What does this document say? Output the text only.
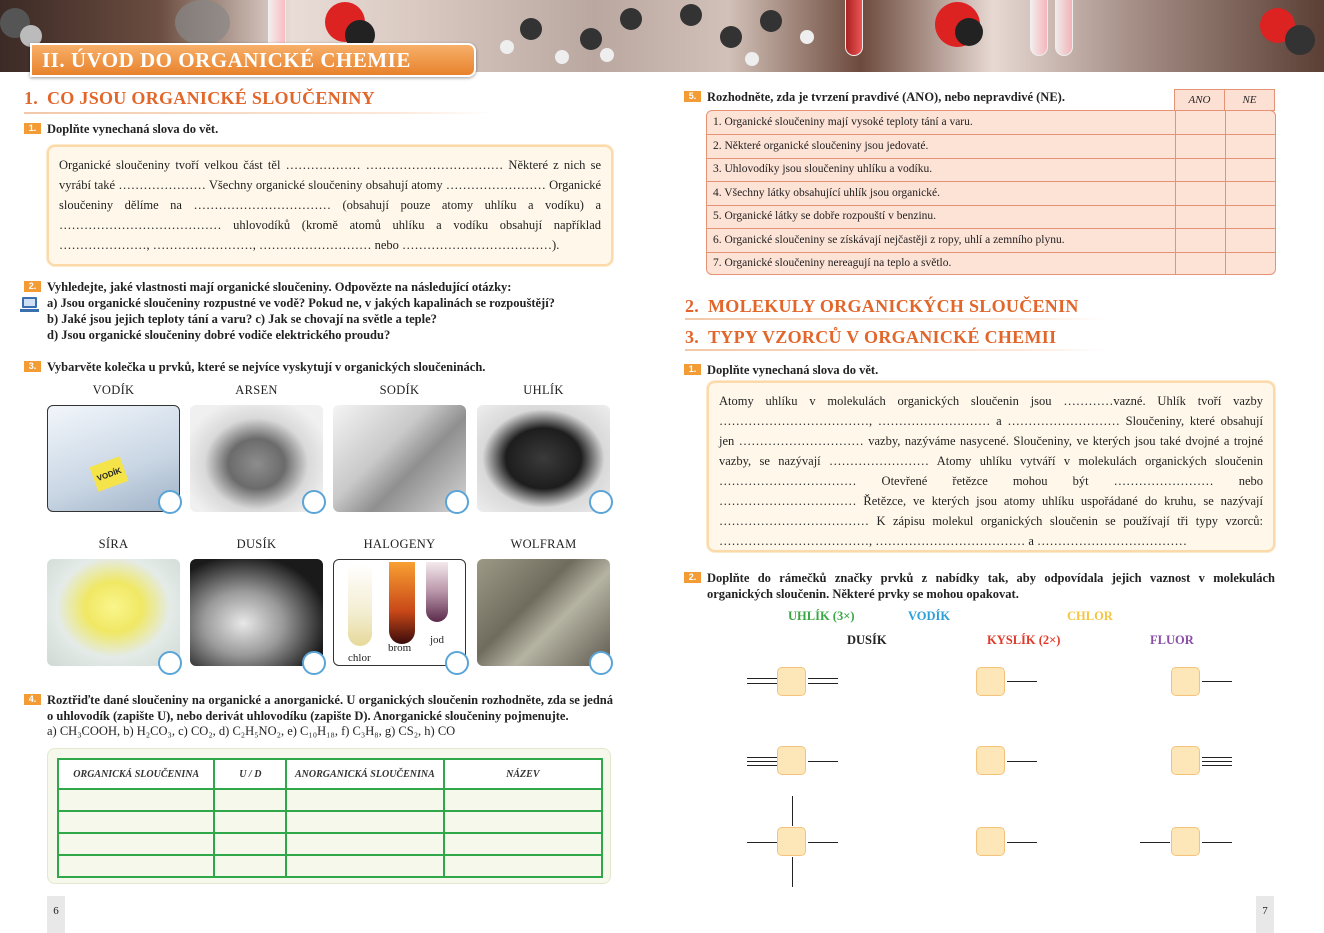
II. ÚVOD DO ORGANICKÉ CHEMIE
1. CO JSOU ORGANICKÉ SLOUČENINY
1. Doplňte vynechaná slova do vět.
Organické sloučeniny tvoří velkou část těl ……………… …………………………… Některé z nich se vyrábí také ………………… Všechny organické sloučeniny obsahují atomy …………………… Organické sloučeniny dělíme na …………………………… (obsahují pouze atomy uhlíku a vodíku) a ………………………………… uhlovodíků (kromě atomů uhlíku a vodíku obsahují například …………………, ……………………, ……………………… nebo ………………………………).
2. Vyhledejte, jaké vlastnosti mají organické sloučeniny. Odpovězte na následující otázky:
a) Jsou organické sloučeniny rozpustné ve vodě? Pokud ne, v jakých kapalinách se rozpouštějí?
b) Jaké jsou jejich teploty tání a varu? c) Jak se chovají na světle a teple?
d) Jsou organické sloučeniny dobré vodiče elektrického proudu?
3. Vybarvěte kolečka u prvků, které se nejvíce vyskytují v organických sloučeninách.
VODÍK	ARSEN	SODÍK	UHLÍK
VODÍK
SÍRA	DUSÍK	HALOGENY	WOLFRAM
chlor
brom
jod
4. Roztřiďte dané sloučeniny na organické a anorganické. U organických sloučenin rozhodněte, zda se jedná o uhlovodík (zapište U), nebo derivát uhlovodíku (zapište D). Anorganické sloučeniny pojmenujte.
a) CH₃COOH, b) H₂CO₃, c) CO₂, d) C₂H₅NO₂, e) C₁₀H₁₈, f) C₃H₈, g) CS₂, h) CO
ORGANICKÁ SLOUČENINA	U / D	ANORGANICKÁ SLOUČENINA	NÁZEV

6
5. Rozhodněte, zda je tvrzení pravdivé (ANO), nebo nepravdivé (NE).	ANO	NE
1. Organické sloučeniny mají vysoké teploty tání a varu.
2. Některé organické sloučeniny jsou jedovaté.
3. Uhlovodíky jsou sloučeniny uhlíku a vodíku.
4. Všechny látky obsahující uhlík jsou organické.
5. Organické látky se dobře rozpouští v benzinu.
6. Organické sloučeniny se získávají nejčastěji z ropy, uhlí a zemního plynu.
7. Organické sloučeniny nereagují na teplo a světlo.
2. MOLEKULY ORGANICKÝCH SLOUČENIN
3. TYPY VZORCŮ V ORGANICKÉ CHEMII
1. Doplňte vynechaná slova do vět.
Atomy uhlíku v molekulách organických sloučenin jsou …………vazné. Uhlík tvoří vazby ………………………………, ……………………… a ……………………… Sloučeniny, které obsahují jen ………………………… vazby, nazýváme nasycené. Sloučeniny, ve kterých jsou také dvojné a trojné vazby, se nazývají …………………… Atomy uhlíku vytváří v molekulách organických sloučenin …………………………… Otevřené řetězce mohou být …………………… nebo …………………………… Řetězce, ve kterých jsou atomy uhlíku uspořádané do kruhu, se nazývají ……………………………… K zápisu molekul organických sloučenin se používají tři typy vzorců: ………………………………, ……………………………… a ………………………………
2. Doplňte do rámečků značky prvků z nabídky tak, aby odpovídala jejich vaznost v molekulách organických sloučenin. Některé prvky se mohou opakovat.
UHLÍK (3×)	VODÍK	CHLOR
DUSÍK	KYSLÍK (2×)	FLUOR
7
